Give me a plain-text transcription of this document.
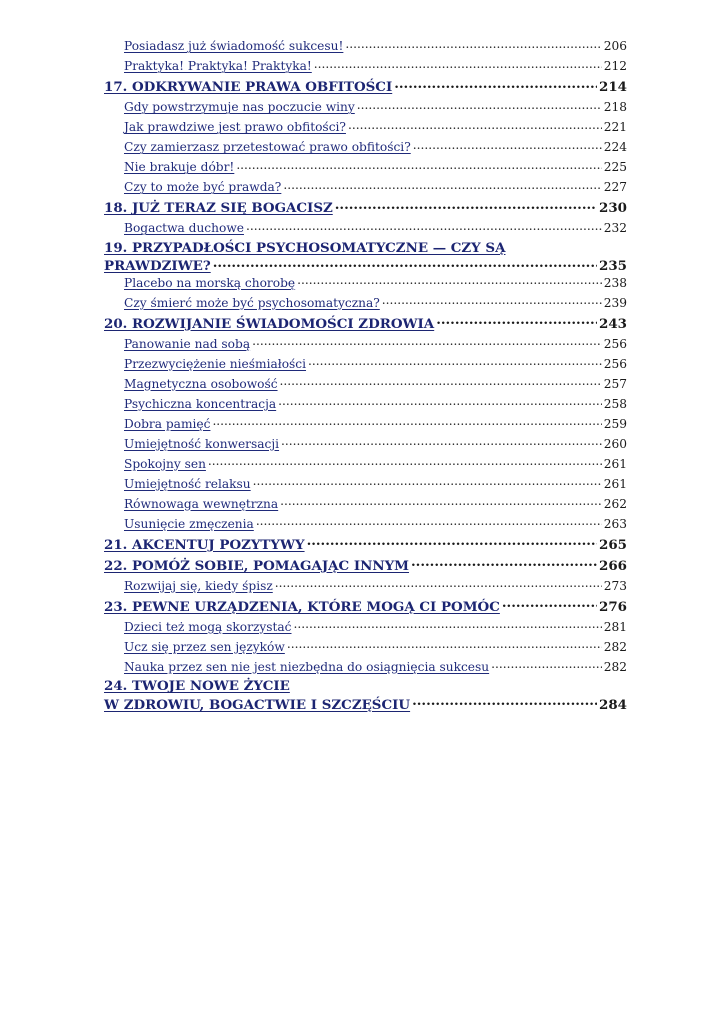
Posiadasz już świadomość sukcesu! .....	206
Praktyka! Praktyka! Praktyka! .....	212
17. ODKRYWANIE PRAWA OBFITOŚCI .....	214
Gdy powstrzymuje nas poczucie winy .....	218
Jak prawdziwe jest prawo obfitości? .....	221
Czy zamierzasz przetestować prawo obfitości? .....	224
Nie brakuje dóbr! .....	225
Czy to może być prawda? .....	227
18. JUŻ TERAZ SIĘ BOGACISZ .....	230
Bogactwa duchowe .....	232
19. PRZYPADŁOŚCI PSYCHOSOMATYCZNE — CZY SĄ
PRAWDZIWE? .....	235
Placebo na morską chorobę .....	238
Czy śmierć może być psychosomatyczna? .....	239
20. ROZWIJANIE ŚWIADOMOŚCI ZDROWIA .....	243
Panowanie nad sobą .....	256
Przezwyciężenie nieśmiałości .....	256
Magnetyczna osobowość .....	257
Psychiczna koncentracja .....	258
Dobra pamięć .....	259
Umiejętność konwersacji .....	260
Spokojny sen .....	261
Umiejętność relaksu .....	261
Równowaga wewnętrzna .....	262
Usunięcie zmęczenia .....	263
21. AKCENTUJ POZYTYWY .....	265
22. POMÓŻ SOBIE, POMAGAJĄC INNYM .....	266
Rozwijaj się, kiedy śpisz .....	273
23. PEWNE URZĄDZENIA, KTÓRE MOGĄ CI POMÓC .....	276
Dzieci też mogą skorzystać .....	281
Ucz się przez sen języków .....	282
Nauka przez sen nie jest niezbędna do osiągnięcia sukcesu .....	282
24. TWOJE NOWE ŻYCIE
W ZDROWIU, BOGACTWIE I SZCZĘŚCIU .....	284
